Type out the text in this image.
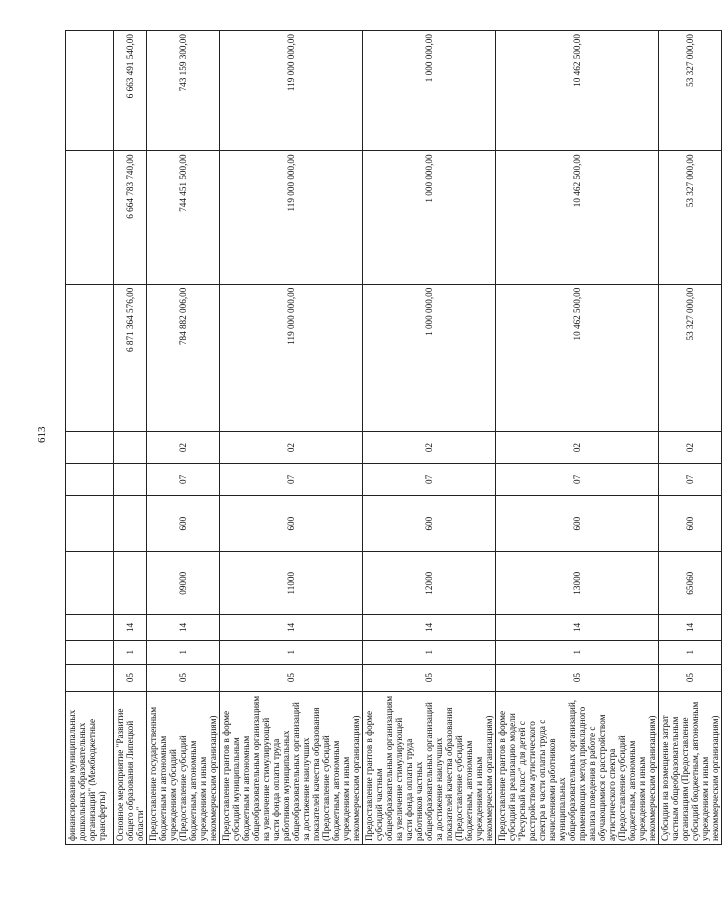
613
финансирования муниципальных дошкольных образовательных организаций" (Межбюджетные трансферты)										
Основное мероприятие "Развитие общего образования Липецкой области"	05	1	14					6 871 364 576,00	6 664 783 740,00	6 663 491 540,00
Предоставление государственным бюджетным и автономным учреждениям субсидий (Предоставление субсидий бюджетным, автономным учреждениям и иным некоммерческим организациям)	05	1	14	09000	600	07	02	784 882 006,00	744 451 500,00	743 159 300,00
Предоставление грантов в форме субсидий муниципальным бюджетным и автономным общеобразовательным организациям на увеличение стимулирующей части фонда оплаты труда работников муниципальных общеобразовательных организаций за достижение наилучших показателей качества образования (Предоставление субсидий бюджетным, автономным учреждениям и иным некоммерческим организациям)	05	1	14	11000	600	07	02	119 000 000,00	119 000 000,00	119 000 000,00
Предоставление грантов в форме субсидий частным общеобразовательным организациям на увеличение стимулирующей части фонда оплаты труда работников частных общеобразовательных организаций за достижение наилучших показателей качества образования (Предоставление субсидий бюджетным, автономным учреждениям и иным некоммерческим организациям)	05	1	14	12000	600	07	02	1 000 000,00	1 000 000,00	1 000 000,00
Предоставление грантов в форме субсидий на реализацию модели "Ресурсный класс" для детей с расстройством аутистического спектра в части оплаты труда с начислениями работников муниципальных общеобразовательных организаций, применяющих метод прикладного анализа поведения в работе с обучающимися с расстройством аутистического спектра (Предоставление субсидий бюджетным, автономным учреждениям и иным некоммерческим организациям)	05	1	14	13000	600	07	02	10 462 500,00	10 462 500,00	10 462 500,00
Субсидии на возмещение затрат частным общеобразовательным организациям (Предоставление субсидий бюджетным, автономным учреждениям и иным некоммерческим организациям)	05	1	14	65060	600	07	02	53 327 000,00	53 327 000,00	53 327 000,00
